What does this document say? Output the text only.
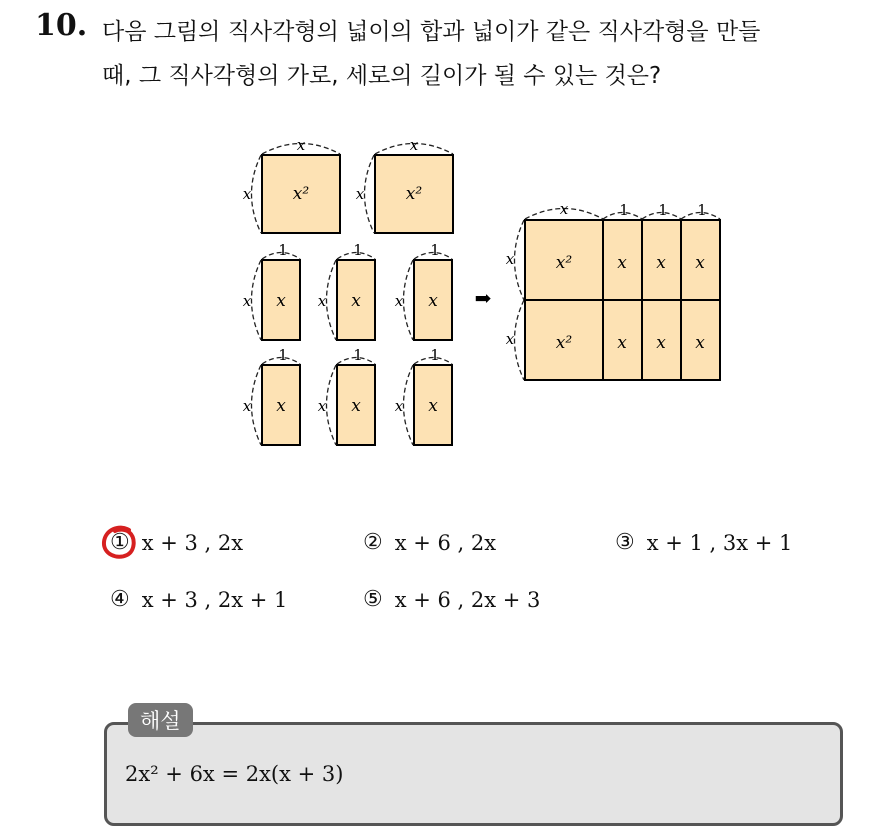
10. 다음 그림의 직사각형의 넓이의 합과 넓이가 같은 직사각형을 만들
때, 그 직사각형의 가로, 세로의 길이가 될 수 있는 것은?
x²
x
x	x²
x
x
x
1
x	x
1
x	x
1
x
x
1
x	x
1
x	x
1
x
➡
x²	x x x
x
x²	x x x
x
x	1 1 1
① x + 3 , 2x	② x + 6 , 2x	③ x + 1 , 3x + 1
④ x + 3 , 2x + 1	⑤ x + 6 , 2x + 3
해설
2x² + 6x = 2x(x + 3)
